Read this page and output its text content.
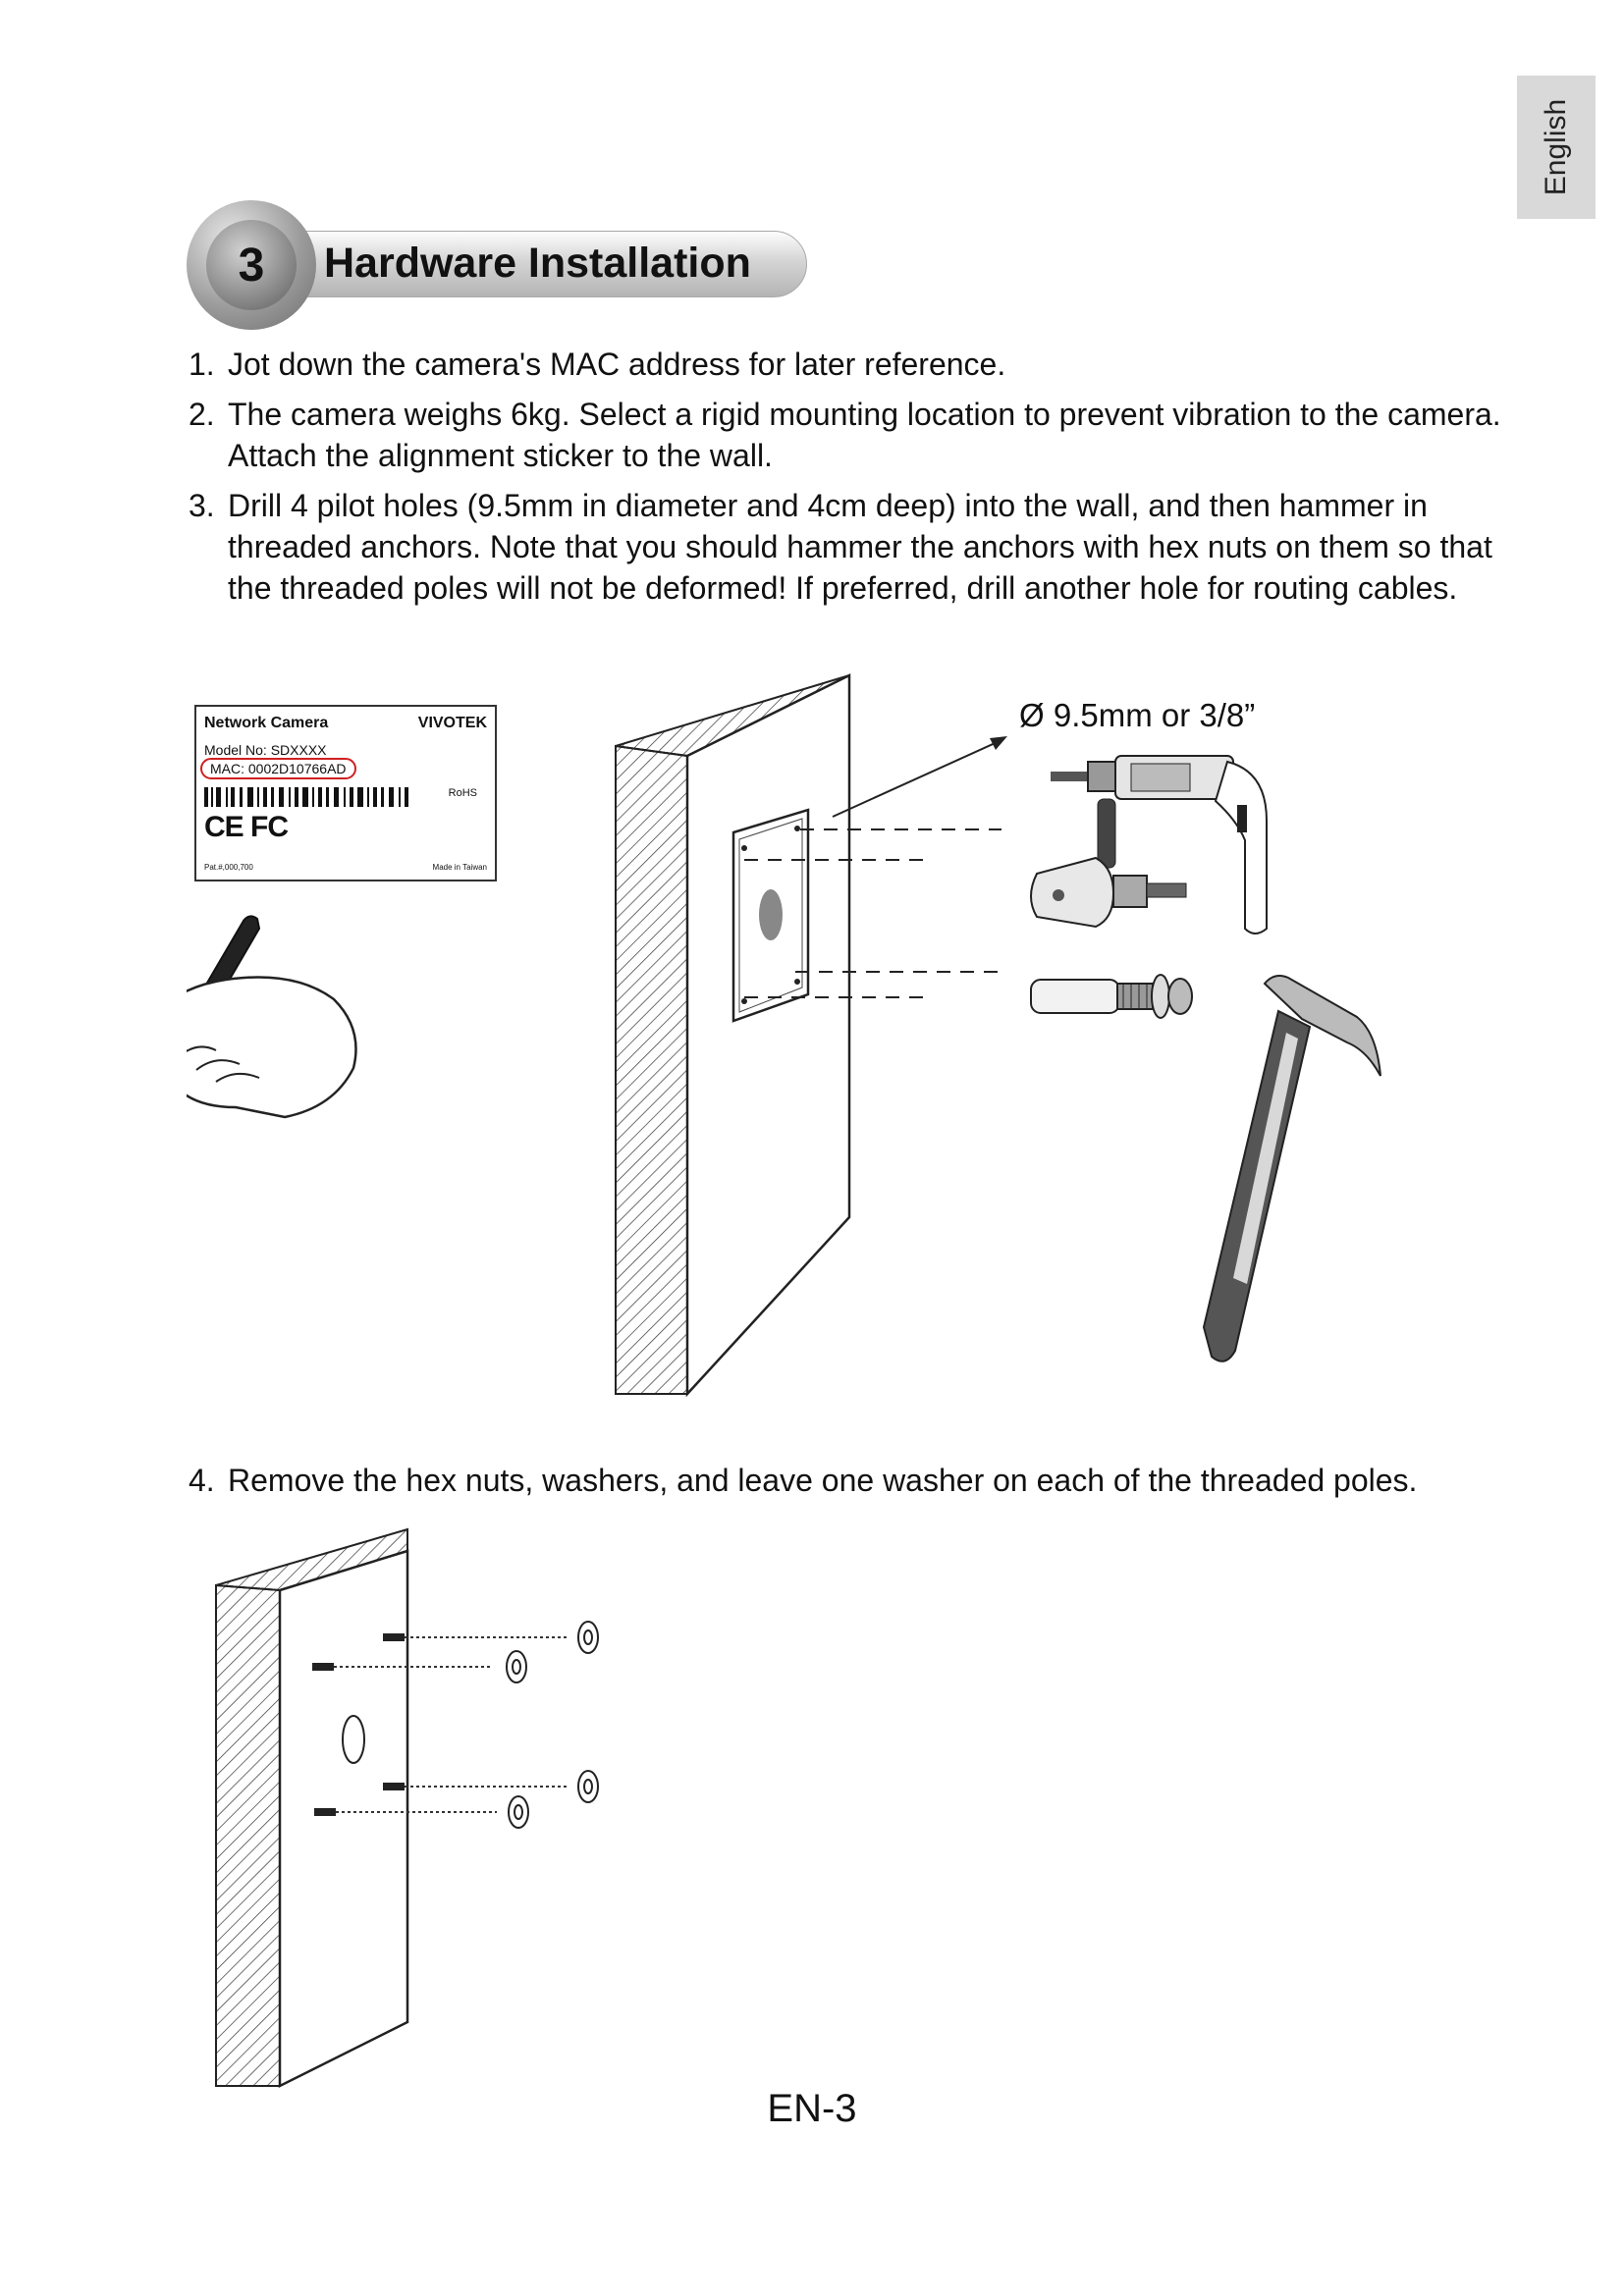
English
3	Hardware Installation
1. Jot down the camera's MAC address for later reference.
2. The camera weighs 6kg. Select a rigid mounting location to prevent vibration to the camera. Attach the alignment sticker to the wall.
3. Drill 4 pilot holes (9.5mm in diameter and 4cm deep) into the wall, and then hammer in threaded anchors. Note that you should hammer the anchors with hex nuts on them so that the threaded poles will not be deformed! If preferred, drill another hole for routing cables.
Network Camera	VIVOTEK
Model No: SDXXXX
MAC: 0002D10766AD
RoHS
CE FC
Pat.#,000,700	Made in Taiwan
Ø 9.5mm or 3/8”
4. Remove the hex nuts, washers, and leave one washer on each of the threaded poles.
EN-3
